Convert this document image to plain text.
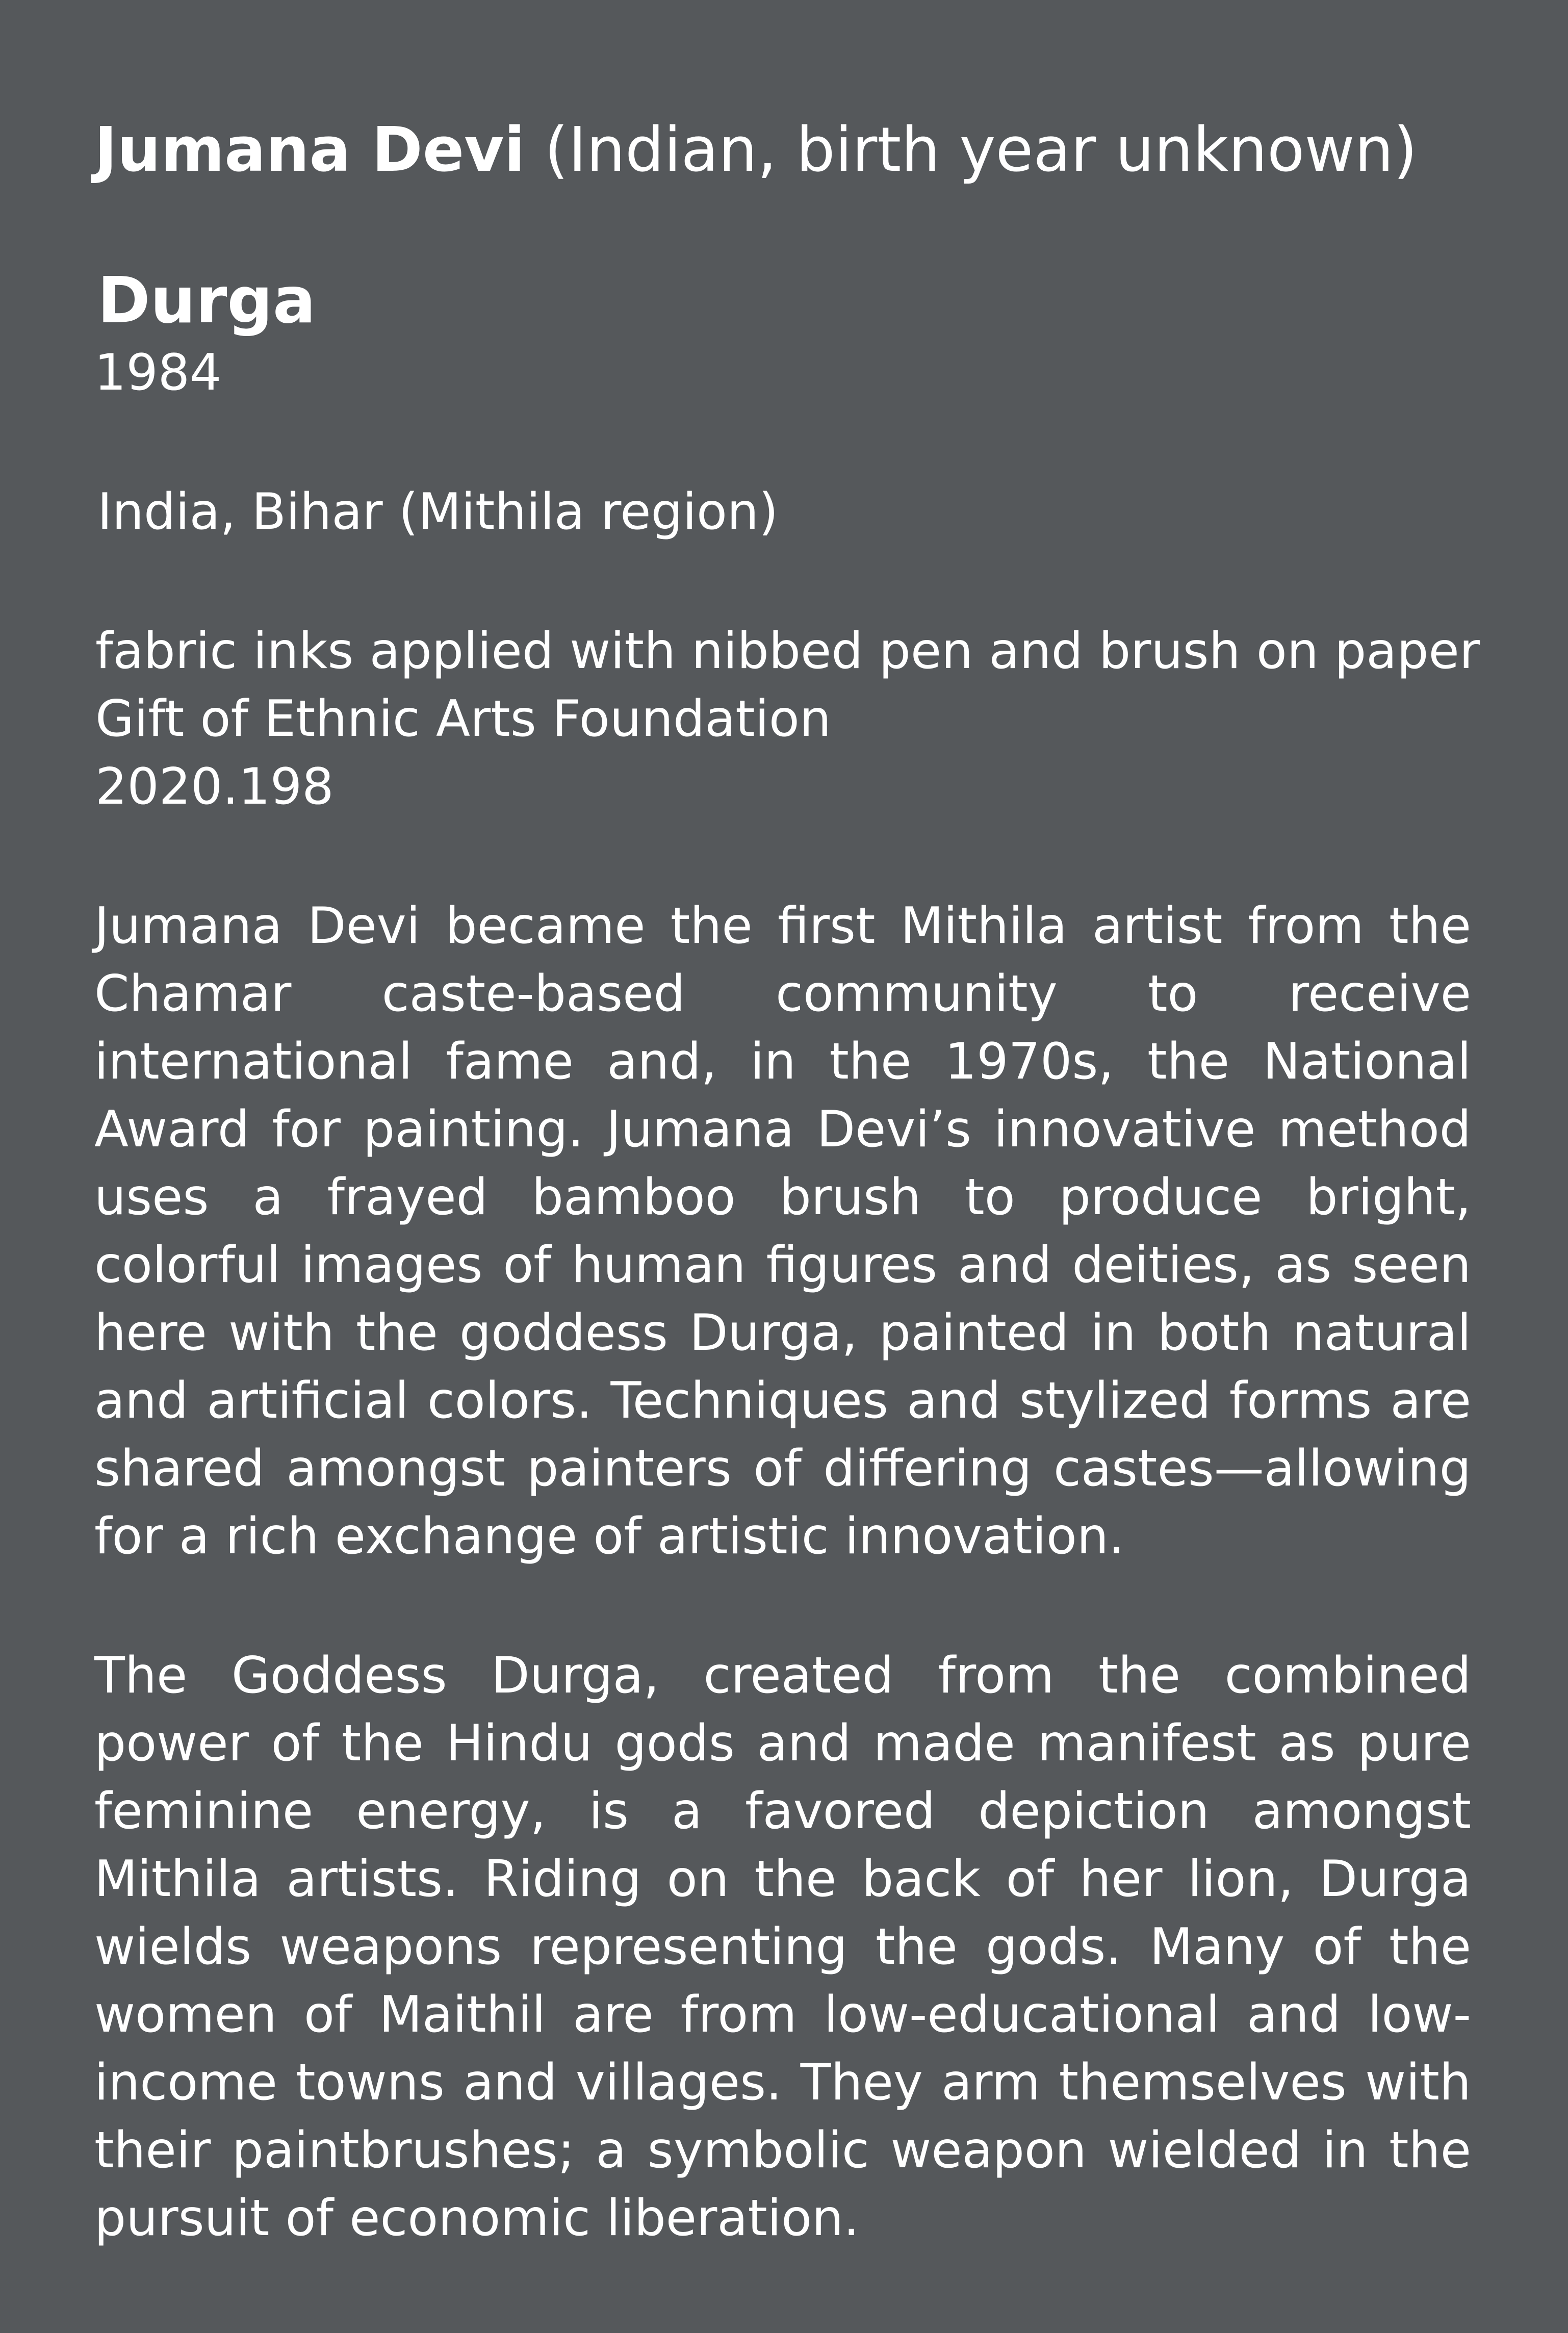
Jumana Devi (Indian, birth year unknown)
Durga
1984
India, Bihar (Mithila region)
fabric inks applied with nibbed pen and brush on paper
Gift of Ethnic Arts Foundation
2020.198

Jumana Devi became the first Mithila artist from the Chamar caste-based community to receive international fame and, in the 1970s, the National Award for painting. Jumana Devi’s innovative method uses a frayed bamboo brush to produce bright, colorful images of human figures and deities, as seen here with the goddess Durga, painted in both natural and artificial colors. Techniques and stylized forms are shared amongst painters of differing castes—allowing for a rich exchange of artistic innovation.

The Goddess Durga, created from the combined power of the Hindu gods and made manifest as pure feminine energy, is a favored depiction amongst Mithila artists. Riding on the back of her lion, Durga wields weapons representing the gods. Many of the women of Maithil are from low-educational and low-income towns and villages. They arm themselves with their paintbrushes; a symbolic weapon wielded in the pursuit of economic liberation.
